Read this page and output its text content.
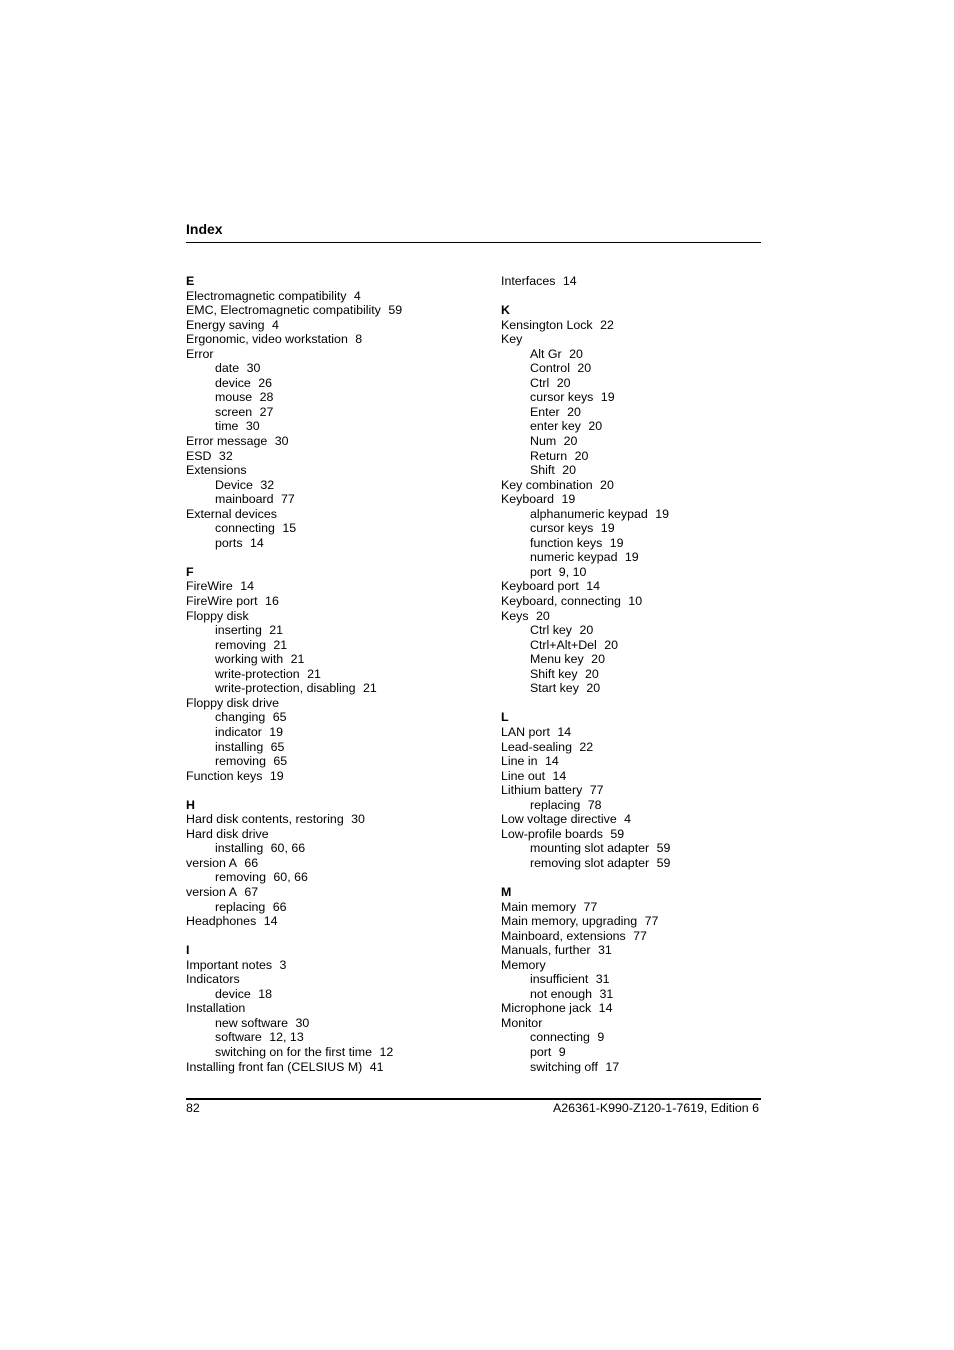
Index
E
Electromagnetic compatibility 4
EMC, Electromagnetic compatibility 59
Energy saving 4
Ergonomic, video workstation 8
Error
date 30
device 26
mouse 28
screen 27
time 30
Error message 30
ESD 32
Extensions
Device 32
mainboard 77
External devices
connecting 15
ports 14
F
FireWire 14
FireWire port 16
Floppy disk
inserting 21
removing 21
working with 21
write-protection 21
write-protection, disabling 21
Floppy disk drive
changing 65
indicator 19
installing 65
removing 65
Function keys 19
H
Hard disk contents, restoring 30
Hard disk drive
installing 60, 66
version A 66
removing 60, 66
version A 67
replacing 66
Headphones 14
I
Important notes 3
Indicators
device 18
Installation
new software 30
software 12, 13
switching on for the first time 12
Installing front fan (CELSIUS M) 41
Interfaces 14
K
Kensington Lock 22
Key
Alt Gr 20
Control 20
Ctrl 20
cursor keys 19
Enter 20
enter key 20
Num 20
Return 20
Shift 20
Key combination 20
Keyboard 19
alphanumeric keypad 19
cursor keys 19
function keys 19
numeric keypad 19
port 9, 10
Keyboard port 14
Keyboard, connecting 10
Keys 20
Ctrl key 20
Ctrl+Alt+Del 20
Menu key 20
Shift key 20
Start key 20
L
LAN port 14
Lead-sealing 22
Line in 14
Line out 14
Lithium battery 77
replacing 78
Low voltage directive 4
Low-profile boards 59
mounting slot adapter 59
removing slot adapter 59
M
Main memory 77
Main memory, upgrading 77
Mainboard, extensions 77
Manuals, further 31
Memory
insufficient 31
not enough 31
Microphone jack 14
Monitor
connecting 9
port 9
switching off 17
82	A26361-K990-Z120-1-7619, Edition 6
